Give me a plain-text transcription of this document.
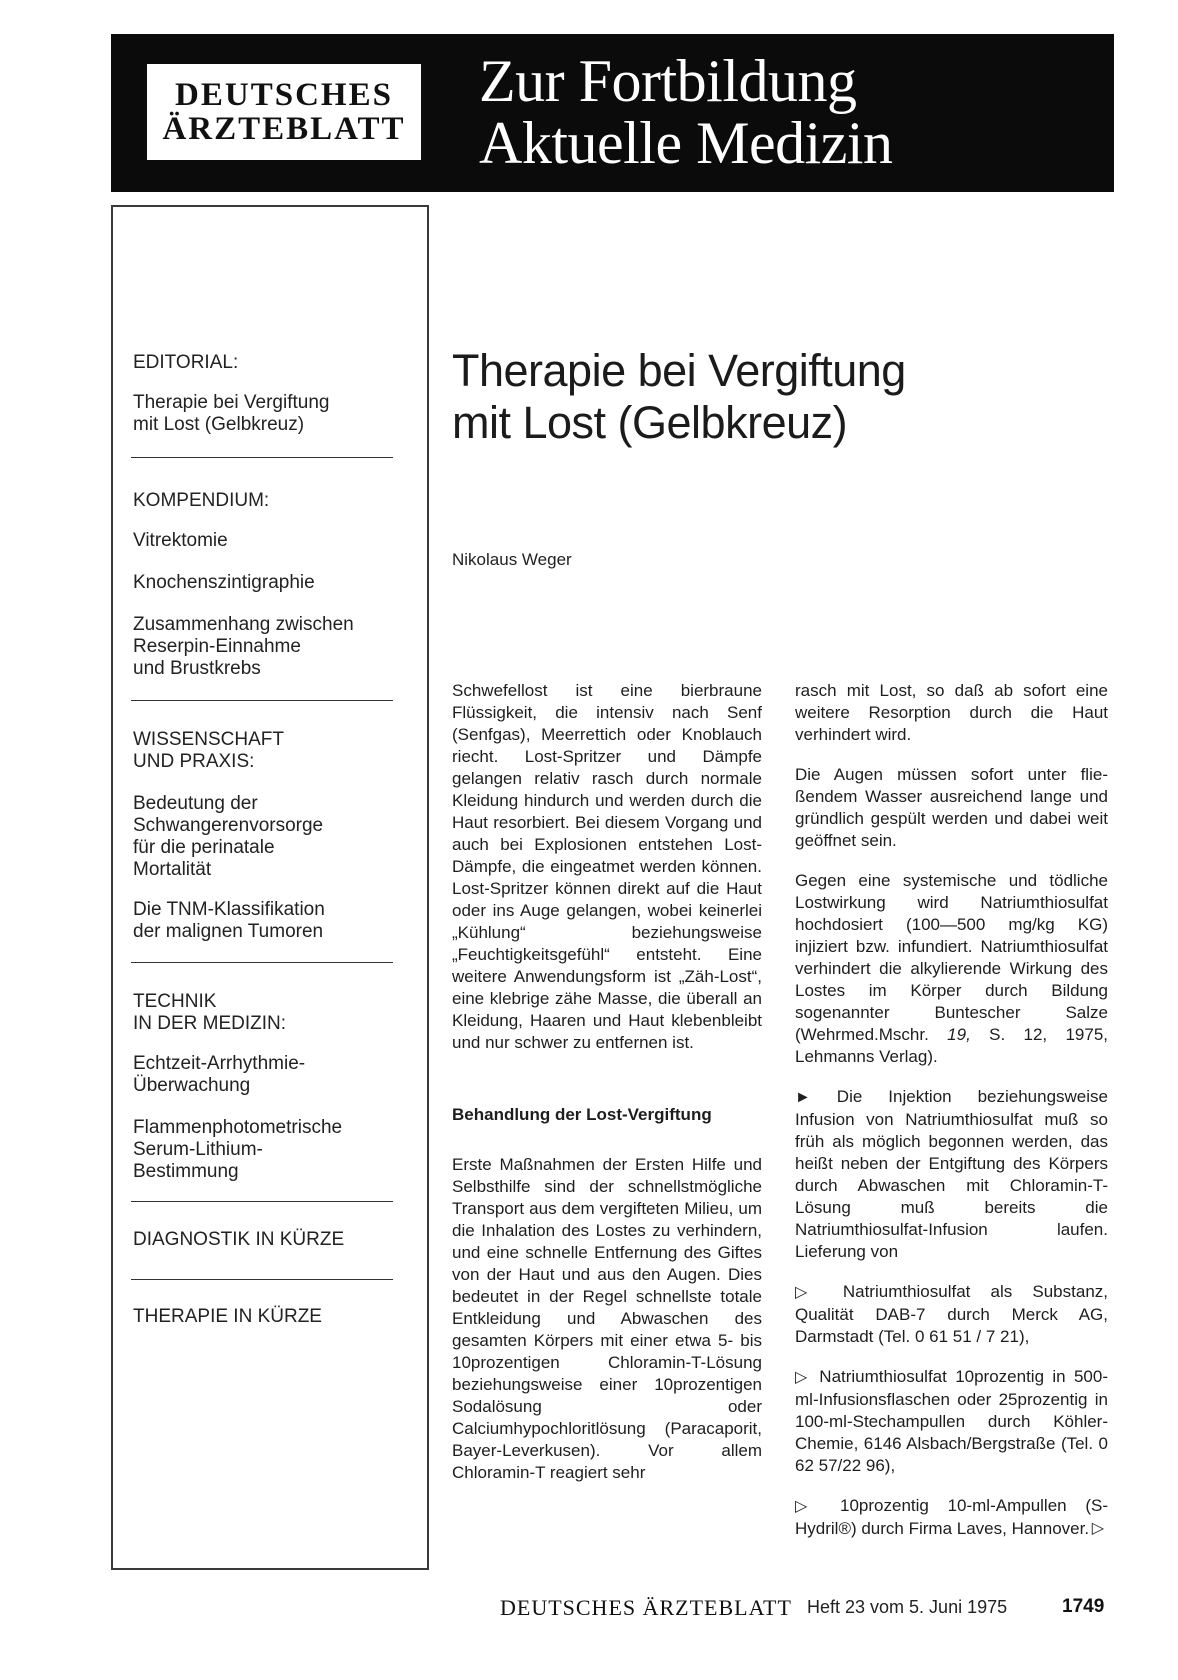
DEUTSCHES
ÄRZTEBLATT
Zur Fortbildung
Aktuelle Medizin

EDITORIAL:

Therapie bei Vergiftung
mit Lost (Gelbkreuz)

KOMPENDIUM:

Vitrektomie

Knochenszintigraphie

Zusammenhang zwischen
Reserpin-Einnahme
und Brustkrebs

WISSENSCHAFT
UND PRAXIS:

Bedeutung der
Schwangerenvorsorge
für die perinatale
Mortalität

Die TNM-Klassifikation
der malignen Tumoren

TECHNIK
IN DER MEDIZIN:

Echtzeit-Arrhythmie-
Überwachung

Flammenphotometrische
Serum-Lithium-
Bestimmung

DIAGNOSTIK IN KÜRZE

THERAPIE IN KÜRZE

Therapie bei Vergiftung
mit Lost (Gelbkreuz)
Nikolaus Weger

Schwefellost ist eine bierbraune Flüssigkeit, die intensiv nach Senf (Senfgas), Meerrettich oder Knoblauch riecht. Lost-Spritzer und Dämpfe gelangen relativ rasch durch normale Kleidung hindurch und werden durch die Haut resorbiert. Bei diesem Vorgang und auch bei Explosionen entstehen Lost-Dämpfe, die eingeatmet werden können. Lost-Spritzer können direkt auf die Haut oder ins Auge gelangen, wobei keinerlei „Kühlung“ beziehungsweise „Feuchtigkeitsgefühl“ entsteht. Eine weitere Anwendungsform ist „Zäh-Lost“, eine klebrige zähe Masse, die überall an Kleidung, Haaren und Haut klebenbleibt und nur schwer zu entfernen ist.

Behandlung der Lost-Vergiftung

Erste Maßnahmen der Ersten Hilfe und Selbsthilfe sind der schnellstmögliche Transport aus dem vergifteten Milieu, um die Inhalation des Lostes zu verhindern, und eine schnelle Entfernung des Giftes von der Haut und aus den Augen. Dies bedeutet in der Regel schnellste totale Entkleidung und Abwaschen des gesamten Körpers mit einer etwa 5- bis 10prozentigen Chloramin-T-Lösung beziehungsweise einer 10prozentigen Sodalösung oder Calciumhypochloritlösung (Paracaporit, Bayer-Leverkusen). Vor allem Chloramin-T reagiert sehr

rasch mit Lost, so daß ab sofort eine weitere Resorption durch die Haut verhindert wird.

Die Augen müssen sofort unter fließendem Wasser ausreichend lange und gründlich gespült werden und dabei weit geöffnet sein.

Gegen eine systemische und tödliche Lostwirkung wird Natriumthiosulfat hochdosiert (100—500 mg/kg KG) injiziert bzw. infundiert. Natriumthiosulfat verhindert die alkylierende Wirkung des Lostes im Körper durch Bildung sogenannter Buntescher Salze (Wehrmed.Mschr. 19, S. 12, 1975, Lehmanns Verlag).

► Die Injektion beziehungsweise Infusion von Natriumthiosulfat muß so früh als möglich begonnen werden, das heißt neben der Entgiftung des Körpers durch Abwaschen mit Chloramin-T-Lösung muß bereits die Natriumthiosulfat-Infusion laufen. Lieferung von

▷ Natriumthiosulfat als Substanz, Qualität DAB-7 durch Merck AG, Darmstadt (Tel. 0 61 51 / 7 21),

▷ Natriumthiosulfat 10prozentig in 500-ml-Infusionsflaschen oder 25prozentig in 100-ml-Stechampullen durch Köhler-Chemie, 6146 Alsbach/Bergstraße (Tel. 0 62 57/22 96),

▷ 10prozentig 10-ml-Ampullen (S-Hydril®) durch Firma Laves, Hannover. ▷

DEUTSCHES ÄRZTEBLATT Heft 23 vom 5. Juni 1975	1749
